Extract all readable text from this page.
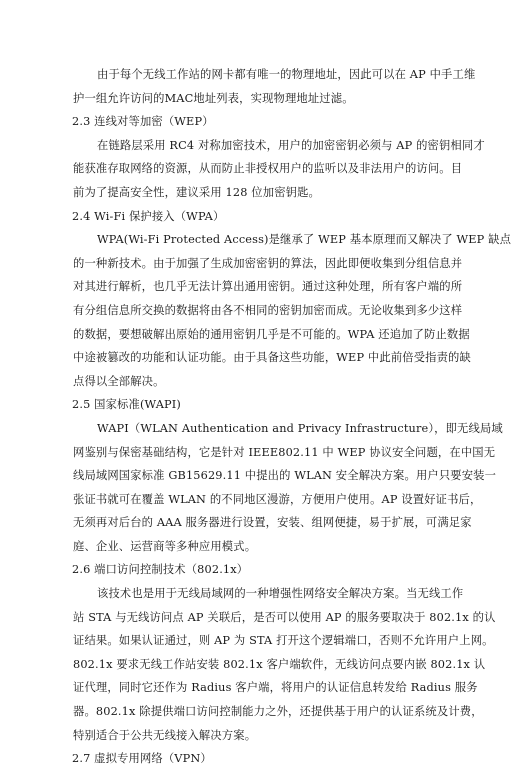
由于每个无线工作站的网卡都有唯一的物理地址，因此可以在 AP 中手工维
护一组允许访问的MAC地址列表，实现物理地址过滤。
2.3 连线对等加密（WEP）
在链路层采用 RC4 对称加密技术，用户的加密密钥必须与 AP 的密钥相同才
能获准存取网络的资源，从而防止非授权用户的监听以及非法用户的访问。目
前为了提高安全性，建议采用 128 位加密钥匙。
2.4 Wi-Fi 保护接入（WPA）
WPA(Wi-Fi Protected Access)是继承了 WEP 基本原理而又解决了 WEP 缺点
的一种新技术。由于加强了生成加密密钥的算法，因此即便收集到分组信息并
对其进行解析，也几乎无法计算出通用密钥。通过这种处理，所有客户端的所
有分组信息所交换的数据将由各不相同的密钥加密而成。无论收集到多少这样
的数据，要想破解出原始的通用密钥几乎是不可能的。WPA 还追加了防止数据
中途被篡改的功能和认证功能。由于具备这些功能，WEP 中此前倍受指责的缺
点得以全部解决。
2.5 国家标准(WAPI)
WAPI（WLAN Authentication and Privacy Infrastructure），即无线局域
网鉴别与保密基础结构，它是针对 IEEE802.11 中 WEP 协议安全问题，在中国无
线局域网国家标准 GB15629.11 中提出的 WLAN 安全解决方案。用户只要安装一
张证书就可在覆盖 WLAN 的不同地区漫游，方便用户使用。AP 设置好证书后，
无须再对后台的 AAA 服务器进行设置，安装、组网便捷，易于扩展，可满足家
庭、企业、运营商等多种应用模式。
2.6 端口访问控制技术（802.1x）
该技术也是用于无线局域网的一种增强性网络安全解决方案。当无线工作
站 STA 与无线访问点 AP 关联后，是否可以使用 AP 的服务要取决于 802.1x 的认
证结果。如果认证通过，则 AP 为 STA 打开这个逻辑端口，否则不允许用户上网。
802.1x 要求无线工作站安装 802.1x 客户端软件，无线访问点要内嵌 802.1x 认
证代理，同时它还作为 Radius 客户端，将用户的认证信息转发给 Radius 服务
器。802.1x 除提供端口访问控制能力之外，还提供基于用户的认证系统及计费，
特别适合于公共无线接入解决方案。
2.7 虚拟专用网络（VPN）
